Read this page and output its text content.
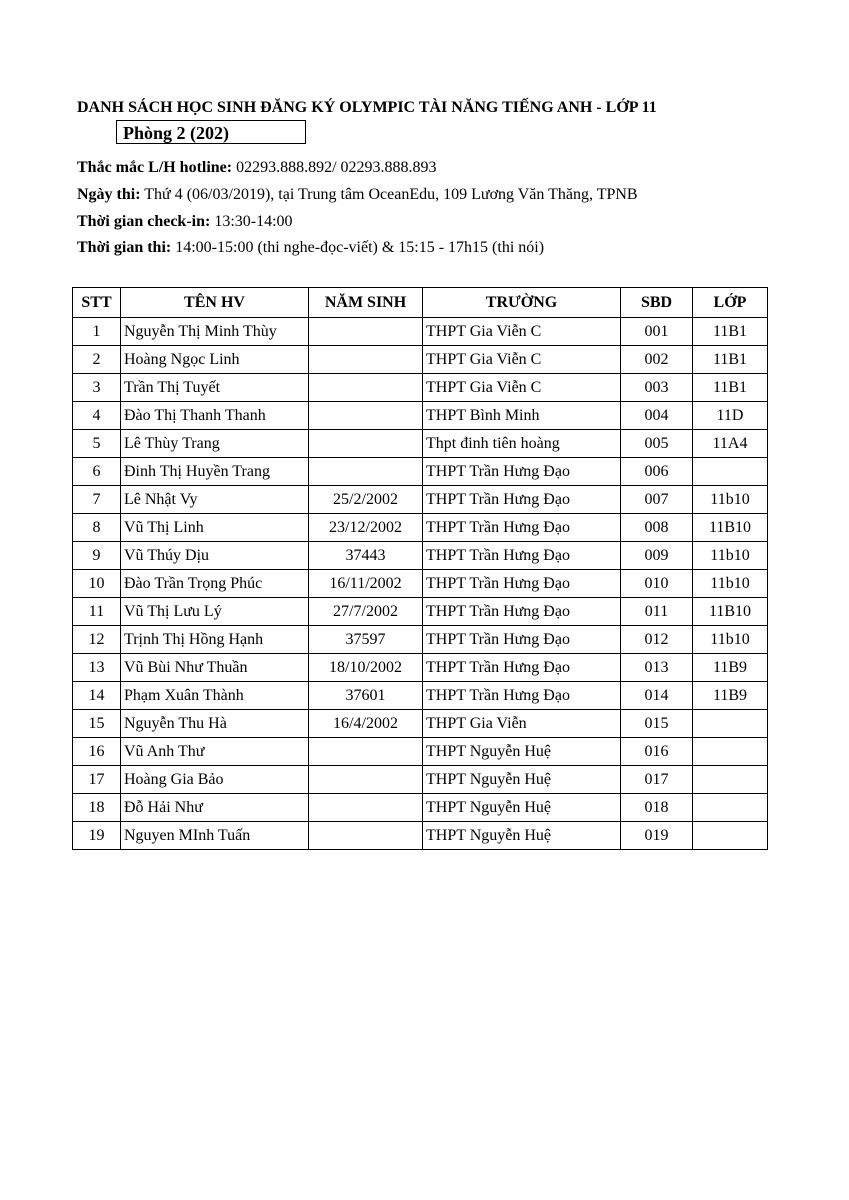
DANH SÁCH HỌC SINH ĐĂNG KÝ OLYMPIC TÀI NĂNG TIẾNG ANH - LỚP 11
Phòng 2 (202)
Thắc mắc L/H hotline: 02293.888.892/ 02293.888.893
Ngày thi: Thứ 4 (06/03/2019), tại Trung tâm OceanEdu, 109 Lương Văn Thăng, TPNB
Thời gian check-in: 13:30-14:00
Thời gian thi: 14:00-15:00 (thi nghe-đọc-viết) & 15:15 - 17h15 (thi nói)
STT	TÊN HV	NĂM SINH	TRƯỜNG	SBD	LỚP
1	Nguyễn Thị Minh Thùy		THPT Gia Viễn C	001	11B1
2	Hoàng Ngọc Linh		THPT Gia Viễn C	002	11B1
3	Trần Thị Tuyết		THPT Gia Viễn C	003	11B1
4	Đào Thị Thanh Thanh		THPT Bình Minh	004	11D
5	Lê Thùy Trang		Thpt đinh tiên hoàng	005	11A4
6	Đinh Thị Huyền Trang		THPT Trần Hưng Đạo	006	
7	Lê Nhật Vy	25/2/2002	THPT Trần Hưng Đạo	007	11b10
8	Vũ Thị Linh	23/12/2002	THPT Trần Hưng Đạo	008	11B10
9	Vũ Thúy Dịu	37443	THPT Trần Hưng Đạo	009	11b10
10	Đào Trần Trọng Phúc	16/11/2002	THPT Trần Hưng Đạo	010	11b10
11	Vũ Thị Lưu Lý	27/7/2002	THPT Trần Hưng Đạo	011	11B10
12	Trịnh Thị Hồng Hạnh	37597	THPT Trần Hưng Đạo	012	11b10
13	Vũ Bùi Như Thuần	18/10/2002	THPT Trần Hưng Đạo	013	11B9
14	Phạm Xuân Thành	37601	THPT Trần Hưng Đạo	014	11B9
15	Nguyễn Thu Hà	16/4/2002	THPT Gia Viễn	015	
16	Vũ Anh Thư		THPT Nguyễn Huệ	016	
17	Hoàng Gia Bảo		THPT Nguyễn Huệ	017	
18	Đỗ Hải Như		THPT Nguyễn Huệ	018	
19	Nguyen MInh Tuấn		THPT Nguyễn Huệ	019	
